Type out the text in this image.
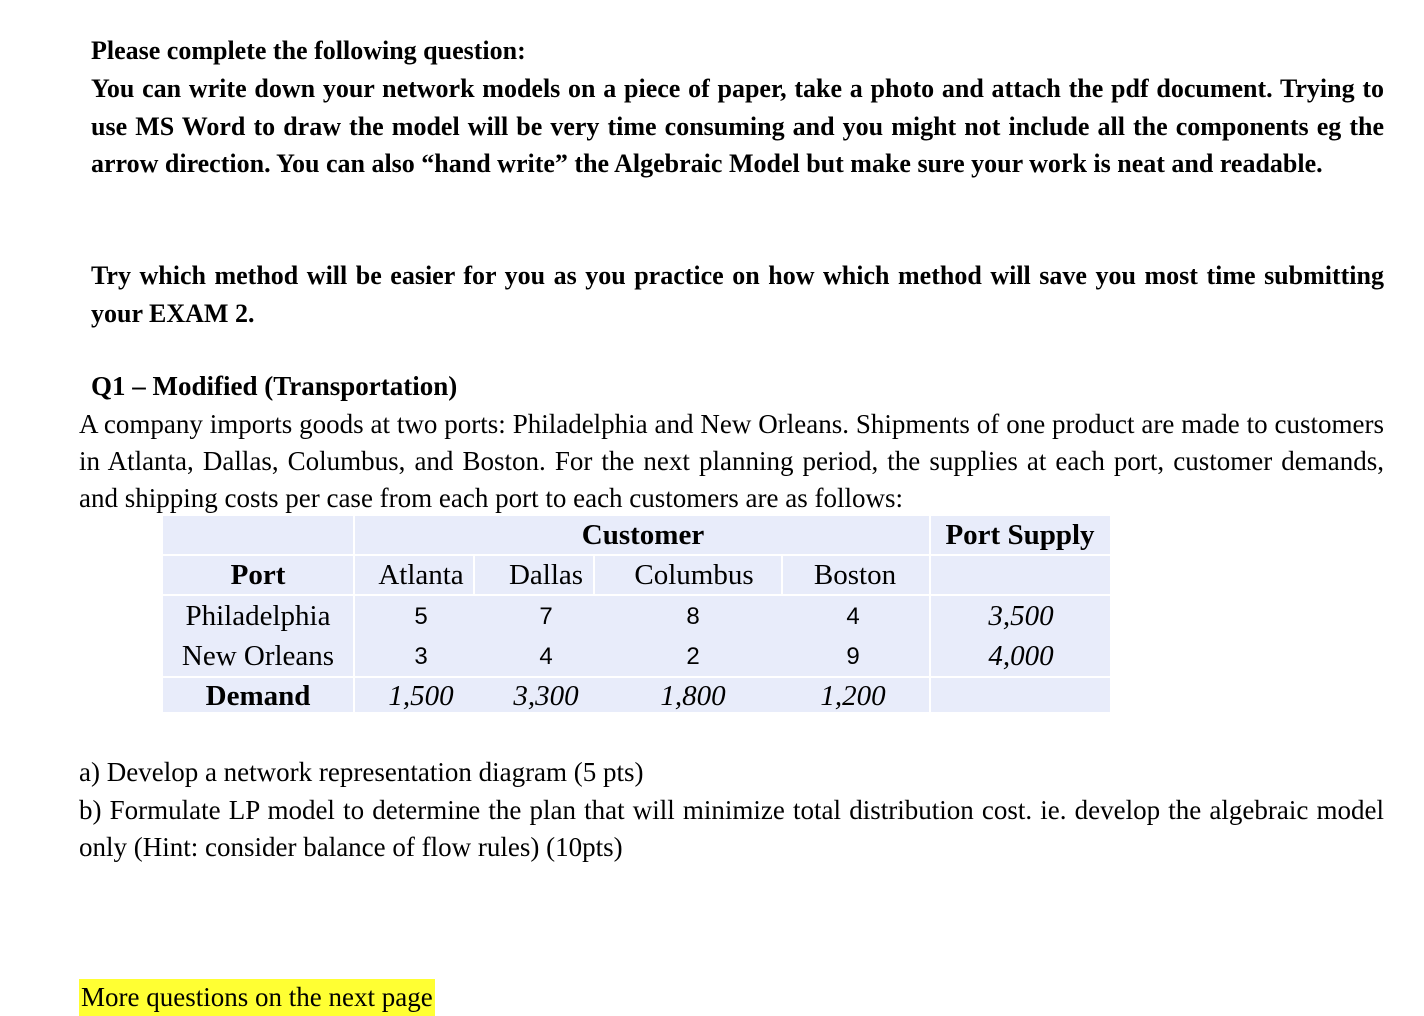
Please complete the following question:

You can write down your network models on a piece of paper, take a photo and attach the pdf document. Trying to use MS Word to draw the model will be very time consuming and you might not include all the components eg the arrow direction. You can also “hand write” the Algebraic Model but make sure your work is neat and readable.

Try which method will be easier for you as you practice on how which method will save you most time submitting your EXAM 2.

Q1 – Modified (Transportation)

A company imports goods at two ports: Philadelphia and New Orleans. Shipments of one product are made to customers in Atlanta, Dallas, Columbus, and Boston. For the next planning period, the supplies at each port, customer demands, and shipping costs per case from each port to each customers are as follows:

Customer	Port Supply
Port	Atlanta	Dallas	Columbus	Boston
Philadelphia	5	7	8	4	3,500
New Orleans	3	4	2	9	4,000
Demand	1,500	3,300	1,800	1,200

a) Develop a network representation diagram (5 pts)

b) Formulate LP model to determine the plan that will minimize total distribution cost. ie. develop the algebraic model only (Hint: consider balance of flow rules) (10pts)

More questions on the next page
